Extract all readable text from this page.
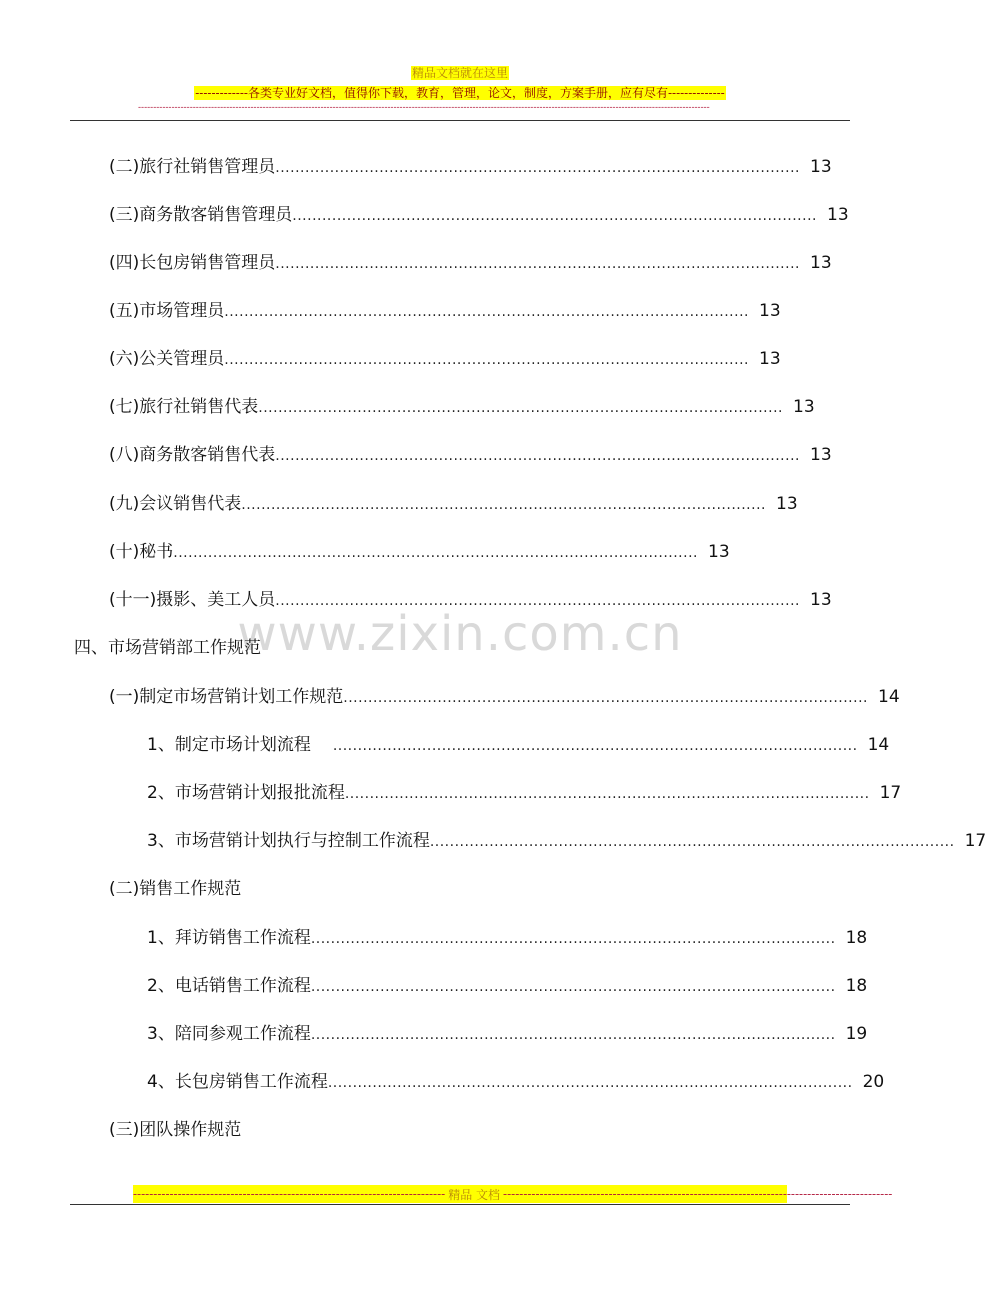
精品文档就在这里
-------------各类专业好文档，值得你下载，教育，管理，论文，制度，方案手册，应有尽有--------------
--------------------------------------------------------------------------------------------------------------------------------------------------------------------------------------------
www.zixin.com.cn
(二)旅行社销售管理员 .......................................................................................................... 13
(三)商务散客销售管理员 .......................................................................................................... 13
(四)长包房销售管理员 .......................................................................................................... 13
(五)市场管理员 .......................................................................................................... 13
(六)公关管理员 .......................................................................................................... 13
(七)旅行社销售代表 .......................................................................................................... 13
(八)商务散客销售代表 .......................................................................................................... 13
(九)会议销售代表 .......................................................................................................... 13
(十)秘书 .......................................................................................................... 13
(十一)摄影、美工人员 .......................................................................................................... 13
四、市场营销部工作规范
(一)制定市场营销计划工作规范 .......................................................................................................... 14
1、制定市场计划流程 .......................................................................................................... 14
2、市场营销计划报批流程 .......................................................................................................... 17
3、市场营销计划执行与控制工作流程 .......................................................................................................... 17
(二)销售工作规范
1、拜访销售工作流程 .......................................................................................................... 18
2、电话销售工作流程 .......................................................................................................... 18
3、陪同参观工作流程 .......................................................................................................... 19
4、长包房销售工作流程 .......................................................................................................... 20
(三)团队操作规范
----------------------------------------------------------------------------- 精品 文档 ------------------------------------------------------------------------------------------------
